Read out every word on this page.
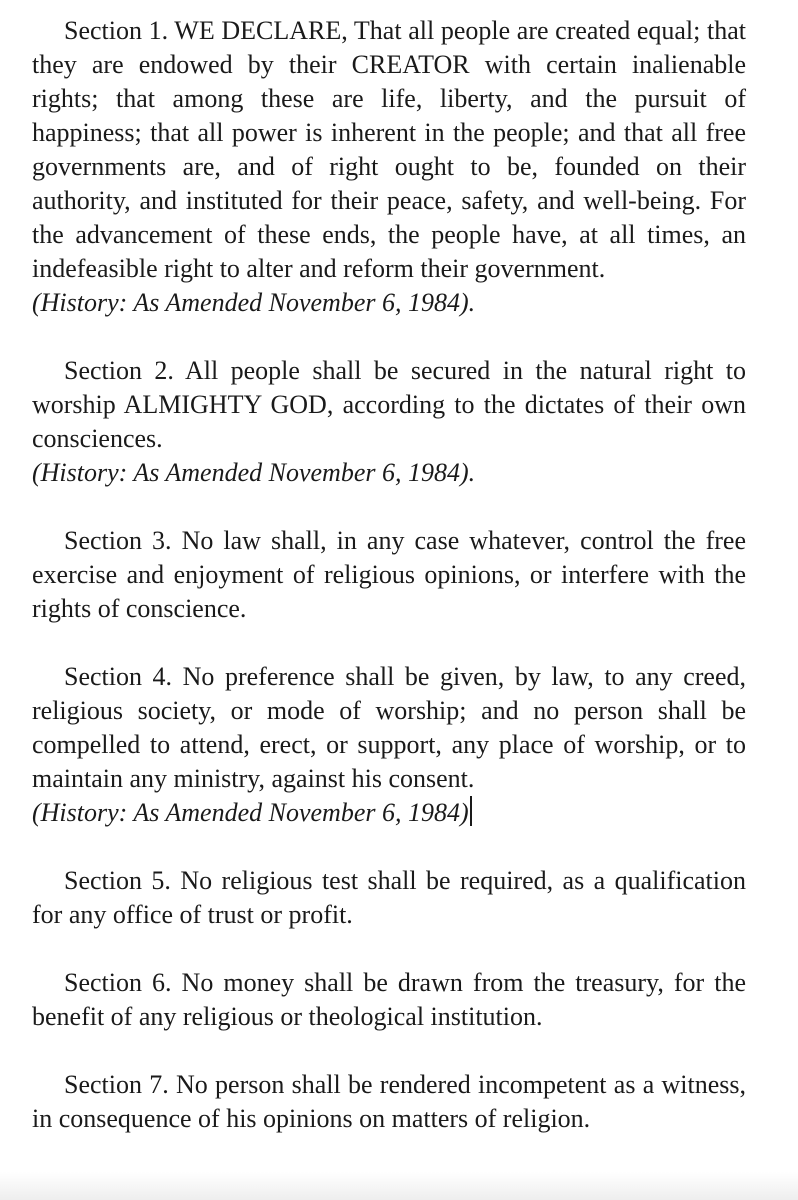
Section 1. WE DECLARE, That all people are created equal; that they are endowed by their CREATOR with certain inalienable rights; that among these are life, liberty, and the pursuit of happiness; that all power is inherent in the people; and that all free governments are, and of right ought to be, founded on their authority, and instituted for their peace, safety, and well-being. For the advancement of these ends, the people have, at all times, an indefeasible right to alter and reform their government.

(History: As Amended November 6, 1984).

Section 2. All people shall be secured in the natural right to worship ALMIGHTY GOD, according to the dictates of their own consciences.

(History: As Amended November 6, 1984).

Section 3. No law shall, in any case whatever, control the free exercise and enjoyment of religious opinions, or interfere with the rights of conscience.

Section 4. No preference shall be given, by law, to any creed, religious society, or mode of worship; and no person shall be compelled to attend, erect, or support, any place of worship, or to maintain any ministry, against his consent.

(History: As Amended November 6, 1984)

Section 5. No religious test shall be required, as a qualification for any office of trust or profit.

Section 6. No money shall be drawn from the treasury, for the benefit of any religious or theological institution.

Section 7. No person shall be rendered incompetent as a witness, in consequence of his opinions on matters of religion.
